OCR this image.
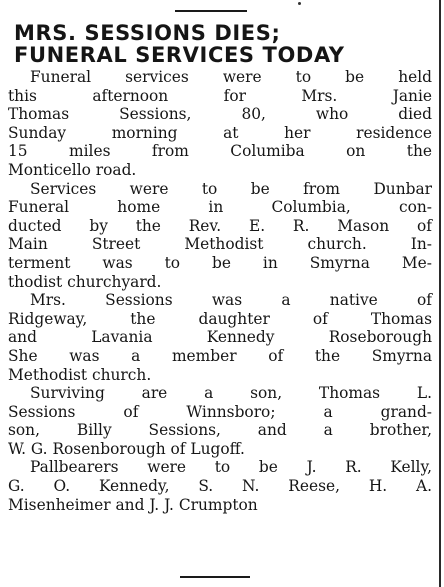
MRS. SESSIONS DIES;
FUNERAL SERVICES TODAY
Funeral services were to be held
this afternoon for Mrs. Janie
Thomas Sessions, 80, who died
Sunday morning at her residence
15 miles from Columiba on the
Monticello road.
Services were to be from Dunbar
Funeral home in Columbia, con-
ducted by the Rev. E. R. Mason of
Main Street Methodist church. In-
terment was to be in Smyrna Me-
thodist churchyard.
Mrs. Sessions was a native of
Ridgeway, the daughter of Thomas
and Lavania Kennedy Roseborough
She was a member of the Smyrna
Methodist church.
Surviving are a son, Thomas L.
Sessions of Winnsboro; a grand-
son, Billy Sessions, and a brother,
W. G. Rosenborough of Lugoff.
Pallbearers were to be J. R. Kelly,
G. O. Kennedy, S. N. Reese, H. A.
Misenheimer and J. J. Crumpton
